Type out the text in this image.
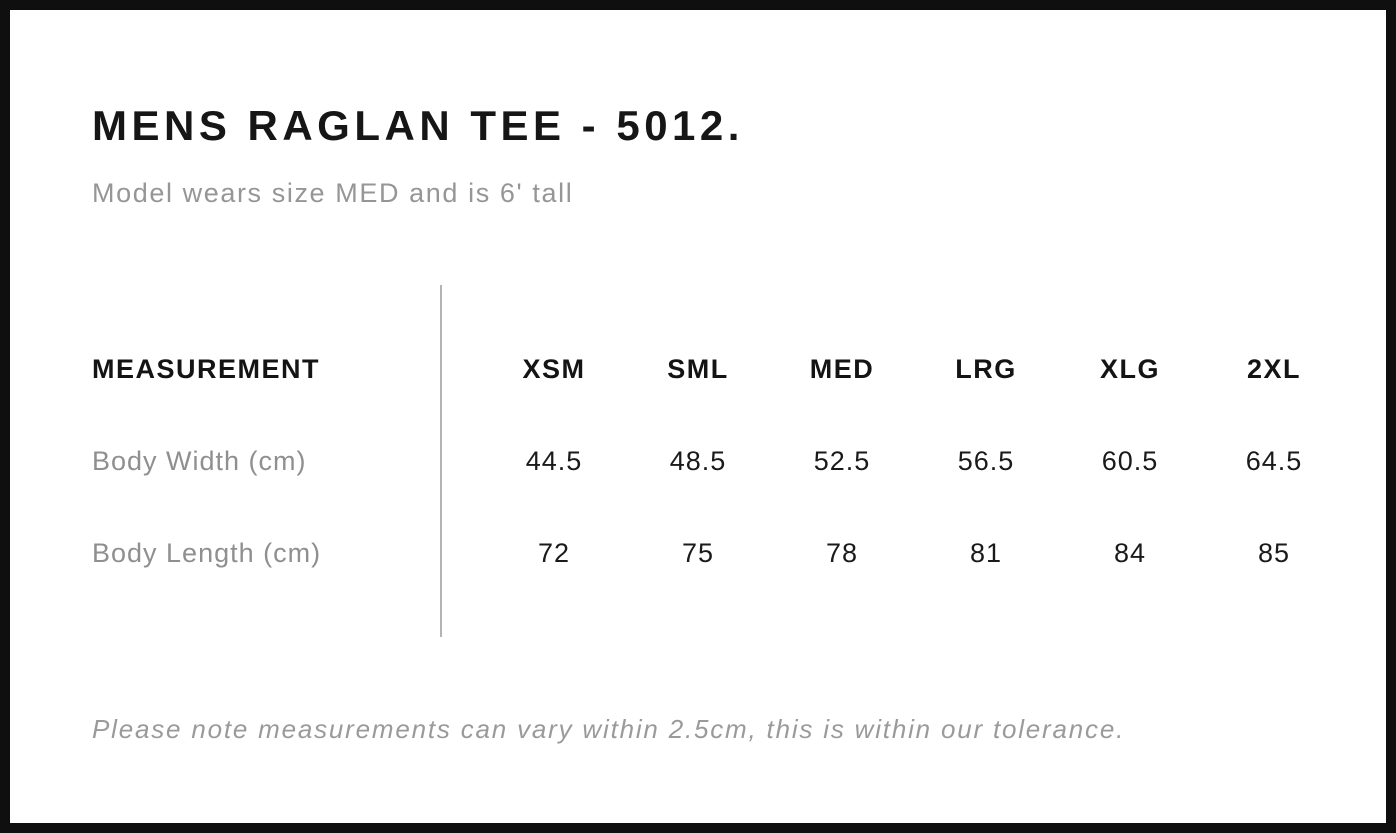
MENS RAGLAN TEE - 5012.

Model wears size MED and is 6' tall

MEASUREMENT	XSM	SML	MED	LRG	XLG	2XL
Body Width (cm)	44.5	48.5	52.5	56.5	60.5	64.5
Body Length (cm)	72	75	78	81	84	85

Please note measurements can vary within 2.5cm, this is within our tolerance.
